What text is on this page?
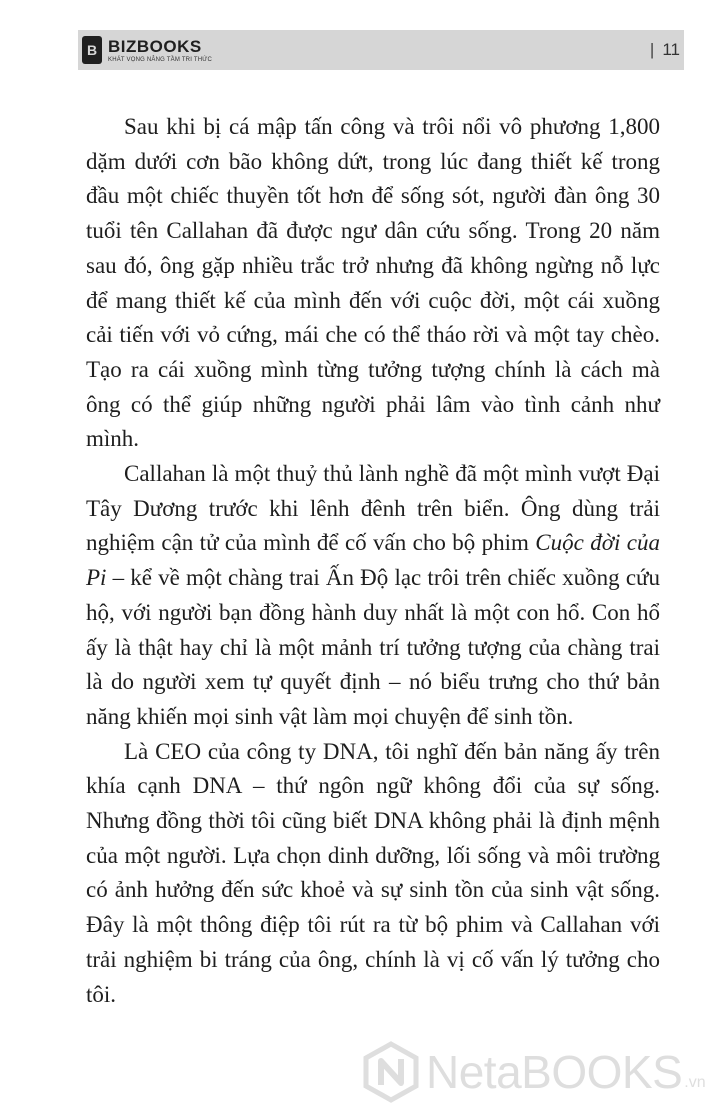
B BIZBOOKS
KHÁT VỌNG NÂNG TẦM TRI THỨC
| 11

Sau khi bị cá mập tấn công và trôi nổi vô phương 1,800 dặm dưới cơn bão không dứt, trong lúc đang thiết kế trong đầu một chiếc thuyền tốt hơn để sống sót, người đàn ông 30 tuổi tên Callahan đã được ngư dân cứu sống. Trong 20 năm sau đó, ông gặp nhiều trắc trở nhưng đã không ngừng nỗ lực để mang thiết kế của mình đến với cuộc đời, một cái xuồng cải tiến với vỏ cứng, mái che có thể tháo rời và một tay chèo. Tạo ra cái xuồng mình từng tưởng tượng chính là cách mà ông có thể giúp những người phải lâm vào tình cảnh như mình.

Callahan là một thuỷ thủ lành nghề đã một mình vượt Đại Tây Dương trước khi lênh đênh trên biển. Ông dùng trải nghiệm cận tử của mình để cố vấn cho bộ phim Cuộc đời của Pi – kể về một chàng trai Ấn Độ lạc trôi trên chiếc xuồng cứu hộ, với người bạn đồng hành duy nhất là một con hổ. Con hổ ấy là thật hay chỉ là một mảnh trí tưởng tượng của chàng trai là do người xem tự quyết định – nó biểu trưng cho thứ bản năng khiến mọi sinh vật làm mọi chuyện để sinh tồn.

Là CEO của công ty DNA, tôi nghĩ đến bản năng ấy trên khía cạnh DNA – thứ ngôn ngữ không đổi của sự sống. Nhưng đồng thời tôi cũng biết DNA không phải là định mệnh của một người. Lựa chọn dinh dưỡng, lối sống và môi trường có ảnh hưởng đến sức khoẻ và sự sinh tồn của sinh vật sống. Đây là một thông điệp tôi rút ra từ bộ phim và Callahan với trải nghiệm bi tráng của ông, chính là vị cố vấn lý tưởng cho tôi.

NetaBOOKS .vn
